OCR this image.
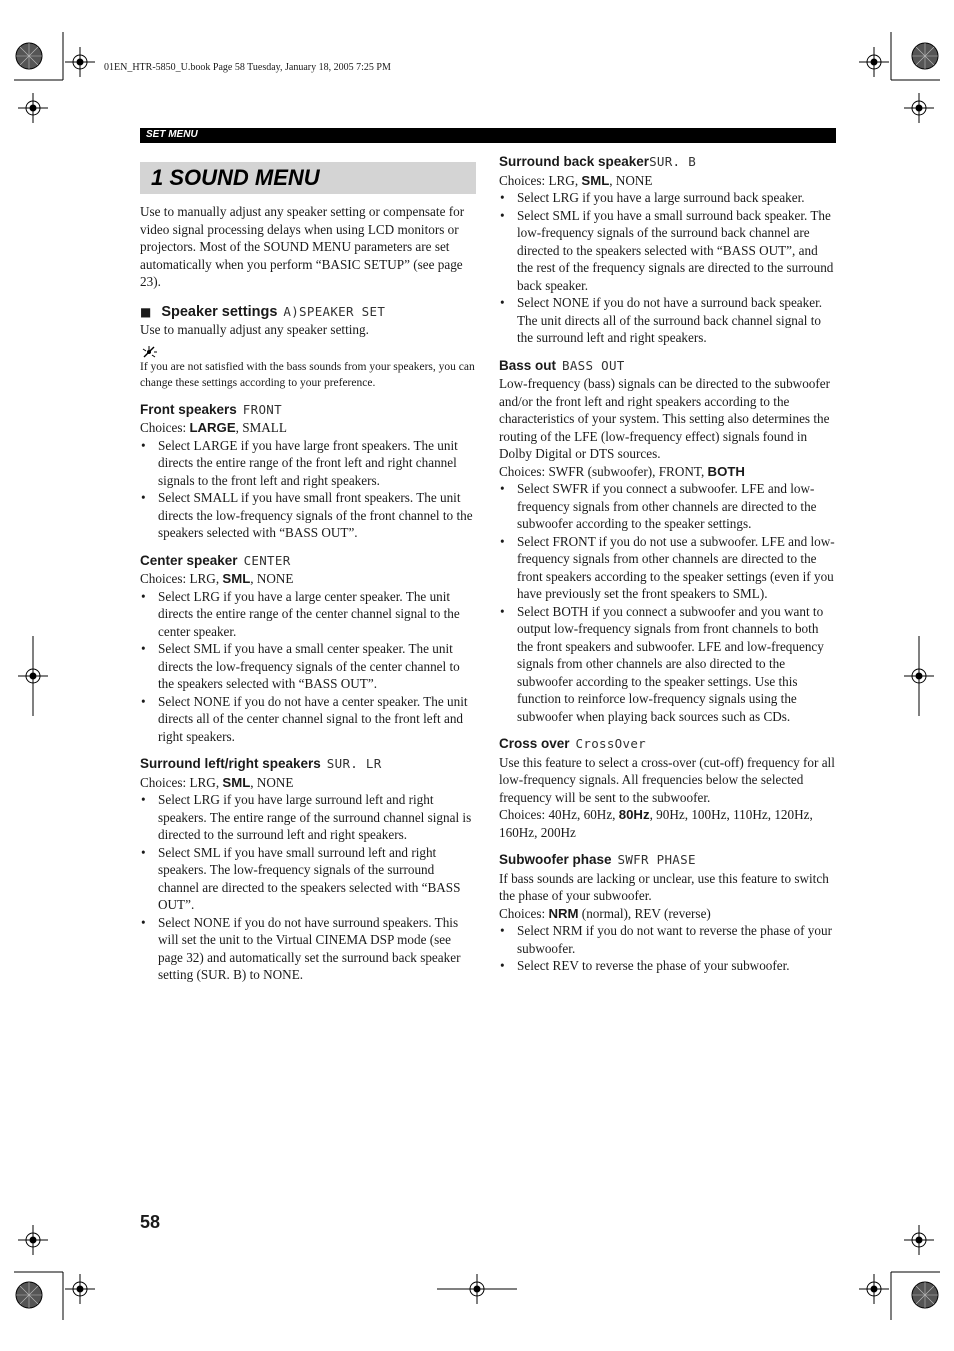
01EN_HTR-5850_U.book Page 58 Tuesday, January 18, 2005 7:25 PM
SET MENU
1 SOUND MENU

Use to manually adjust any speaker setting or compensate for video signal processing delays when using LCD monitors or projectors. Most of the SOUND MENU parameters are set automatically when you perform “BASIC SETUP” (see page 23).

■ Speaker settings A)SPEAKER SET

Use to manually adjust any speaker setting.

If you are not satisfied with the bass sounds from your speakers, you can change these settings according to your preference.

Front speakers FRONT

Choices: LARGE, SMALL

• Select LARGE if you have large front speakers. The unit directs the entire range of the front left and right channel signals to the front left and right speakers.
• Select SMALL if you have small front speakers. The unit directs the low-frequency signals of the front channel to the speakers selected with “BASS OUT”.
Center speaker CENTER

Choices: LRG, SML, NONE

• Select LRG if you have a large center speaker. The unit directs the entire range of the center channel signal to the center speaker.
• Select SML if you have a small center speaker. The unit directs the low-frequency signals of the center channel to the speakers selected with “BASS OUT”.
• Select NONE if you do not have a center speaker. The unit directs all of the center channel signal to the front left and right speakers.
Surround left/right speakers SUR. LR

Choices: LRG, SML, NONE

• Select LRG if you have large surround left and right speakers. The entire range of the surround channel signal is directed to the surround left and right speakers.
• Select SML if you have small surround left and right speakers. The low-frequency signals of the surround channel are directed to the speakers selected with “BASS OUT”.
• Select NONE if you do not have surround speakers. This will set the unit to the Virtual CINEMA DSP mode (see page 32) and automatically set the surround back speaker setting (SUR. B) to NONE.
Surround back speakerSUR. B

Choices: LRG, SML, NONE

• Select LRG if you have a large surround back speaker.
• Select SML if you have a small surround back speaker. The low-frequency signals of the surround back channel are directed to the speakers selected with “BASS OUT”, and the rest of the frequency signals are directed to the surround back speaker.
• Select NONE if you do not have a surround back speaker. The unit directs all of the surround back channel signal to the surround left and right speakers.
Bass out BASS OUT

Low-frequency (bass) signals can be directed to the subwoofer and/or the front left and right speakers according to the characteristics of your system. This setting also determines the routing of the LFE (low-frequency effect) signals found in Dolby Digital or DTS sources.

Choices: SWFR (subwoofer), FRONT, BOTH

• Select SWFR if you connect a subwoofer. LFE and low-frequency signals from other channels are directed to the subwoofer according to the speaker settings.
• Select FRONT if you do not use a subwoofer. LFE and low-frequency signals from other channels are directed to the front speakers according to the speaker settings (even if you have previously set the front speakers to SML).
• Select BOTH if you connect a subwoofer and you want to output low-frequency signals from front channels to both the front speakers and subwoofer. LFE and low-frequency signals from other channels are also directed to the subwoofer according to the speaker settings. Use this function to reinforce low-frequency signals using the subwoofer when playing back sources such as CDs.
Cross over CrossOver

Use this feature to select a cross-over (cut-off) frequency for all low-frequency signals. All frequencies below the selected frequency will be sent to the subwoofer.

Choices: 40Hz, 60Hz, 80Hz, 90Hz, 100Hz, 110Hz, 120Hz, 160Hz, 200Hz

Subwoofer phase SWFR PHASE

If bass sounds are lacking or unclear, use this feature to switch the phase of your subwoofer.

Choices: NRM (normal), REV (reverse)

• Select NRM if you do not want to reverse the phase of your subwoofer.
• Select REV to reverse the phase of your subwoofer.
58
